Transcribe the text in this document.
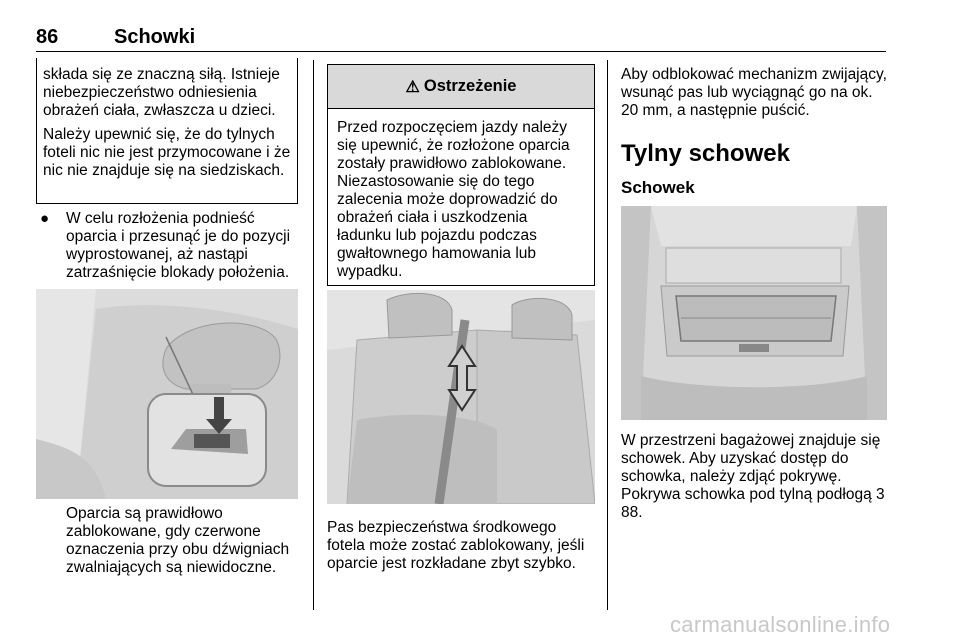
86	Schowki

składa się ze znaczną siłą. Istnieje niebezpieczeństwo odniesienia obrażeń ciała, zwłaszcza u dzieci.

Należy upewnić się, że do tylnych foteli nic nie jest przymocowane i że nic nie znajduje się na siedziskach.

● W celu rozłożenia podnieść oparcia i przesunąć je do pozycji wyprostowanej, aż nastąpi zatrzaśnięcie blokady położenia.
Oparcia są prawidłowo zablokowane, gdy czerwone oznaczenia przy obu dźwigniach zwalniających są niewidoczne.
⚠ Ostrzeżenie
Przed rozpoczęciem jazdy należy się upewnić, że rozłożone oparcia zostały prawidłowo zablokowane. Niezastosowanie się do tego zalecenia może doprowadzić do obrażeń ciała i uszkodzenia ładunku lub pojazdu podczas gwałtownego hamowania lub wypadku.
Pas bezpieczeństwa środkowego fotela może zostać zablokowany, jeśli oparcie jest rozkładane zbyt szybko.
Aby odblokować mechanizm zwijający, wsunąć pas lub wyciągnąć go na ok. 20 mm, a następnie puścić.
Tylny schowek
Schowek
W przestrzeni bagażowej znajduje się schowek. Aby uzyskać dostęp do schowka, należy zdjąć pokrywę. Pokrywa schowka pod tylną podłogą 3 88.
carmanualsonline.info
